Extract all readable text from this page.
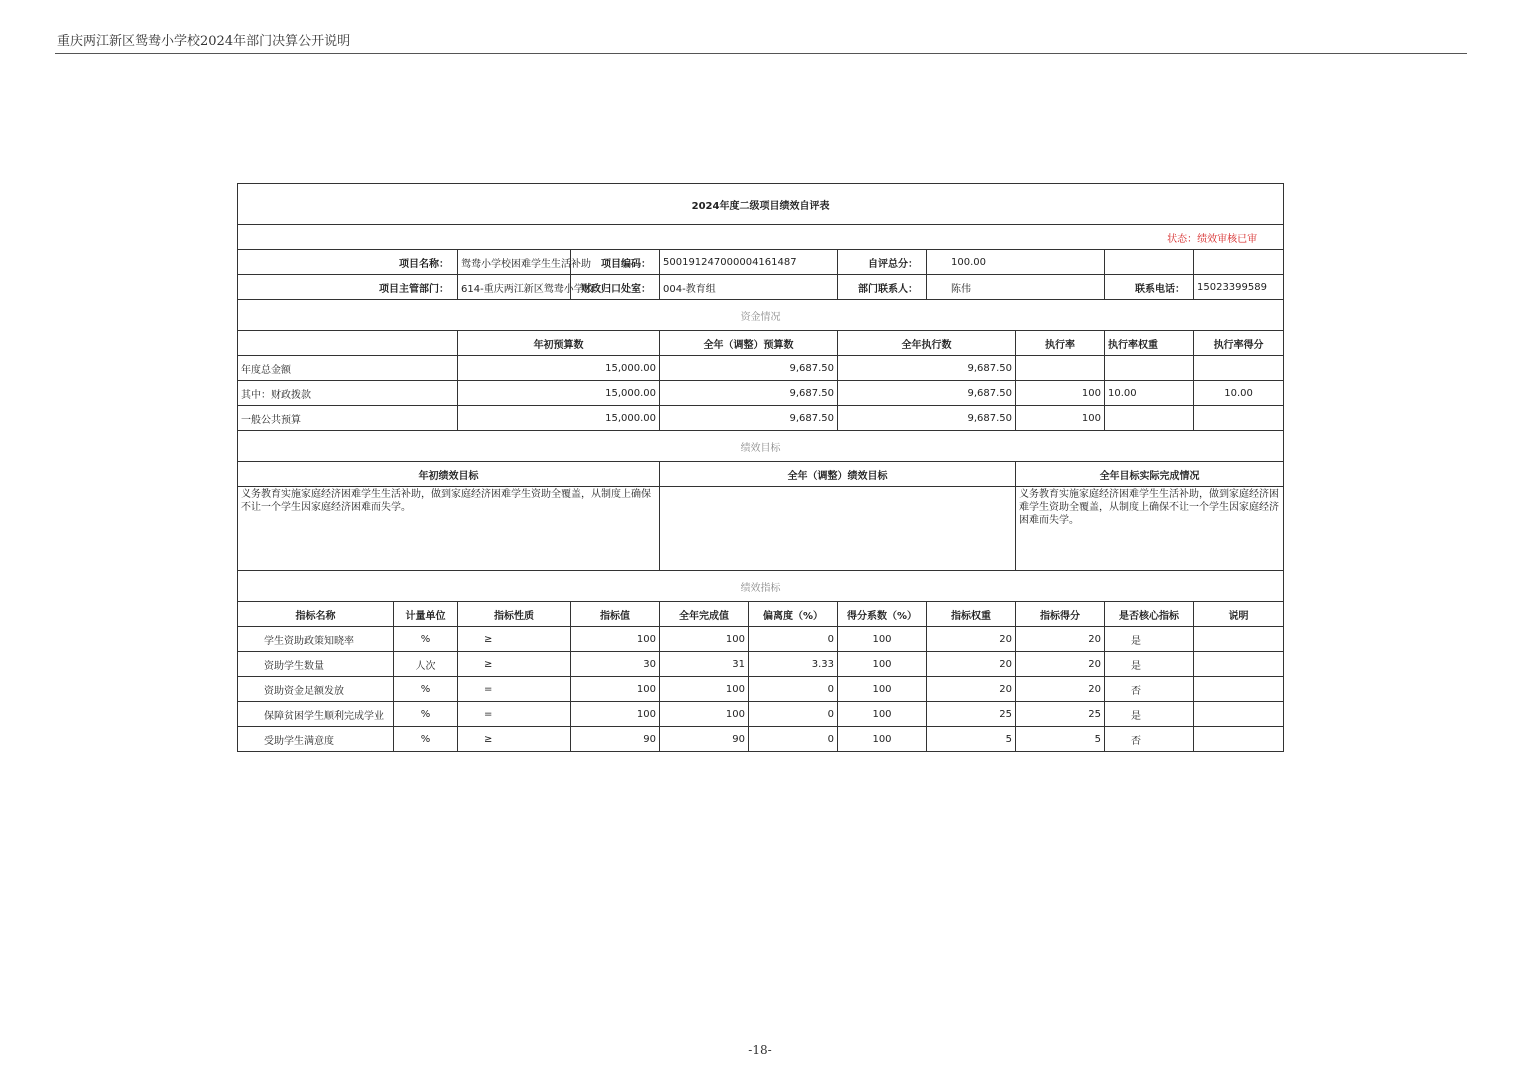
重庆两江新区鸳鸯小学校2024年部门决算公开说明
2024年度二级项目绩效自评表										
状态：绩效审核已审										
项目名称：		鸳鸯小学校困难学生生活补助	项目编码：	500191247000004161487		自评总分：	100.00			
项目主管部门：		614-重庆两江新区鸳鸯小学校	财政归口处室：	004-教育组		部门联系人：	陈伟		联系电话：	15023399589
资金情况										
		年初预算数		全年（调整）预算数		全年执行数		执行率	执行率权重	执行率得分
年度总金额		15,000.00		9,687.50		9,687.50				
其中：财政拨款		15,000.00		9,687.50		9,687.50		100	10.00	10.00
一般公共预算		15,000.00		9,687.50		9,687.50		100		
绩效目标										
年初绩效目标				全年（调整）绩效目标				全年目标实际完成情况		
义务教育实施家庭经济困难学生生活补助，做到家庭经济困难学生资助全覆盖，从制度上确保不让一个学生因家庭经济困难而失学。								义务教育实施家庭经济困难学生生活补助，做到家庭经济困难学生资助全覆盖，从制度上确保不让一个学生因家庭经济困难而失学。		
绩效指标										
指标名称	计量单位	指标性质	指标值	全年完成值	偏离度（%）	得分系数（%）	指标权重	指标得分	是否核心指标	说明
学生资助政策知晓率	%	≥	100	100	0	100	20	20	是	
资助学生数量	人次	≥	30	31	3.33	100	20	20	是	
资助资金足额发放	%	=	100	100	0	100	20	20	否	
保障贫困学生顺利完成学业	%	=	100	100	0	100	25	25	是	
受助学生满意度	%	≥	90	90	0	100	5	5	否	
-18-
